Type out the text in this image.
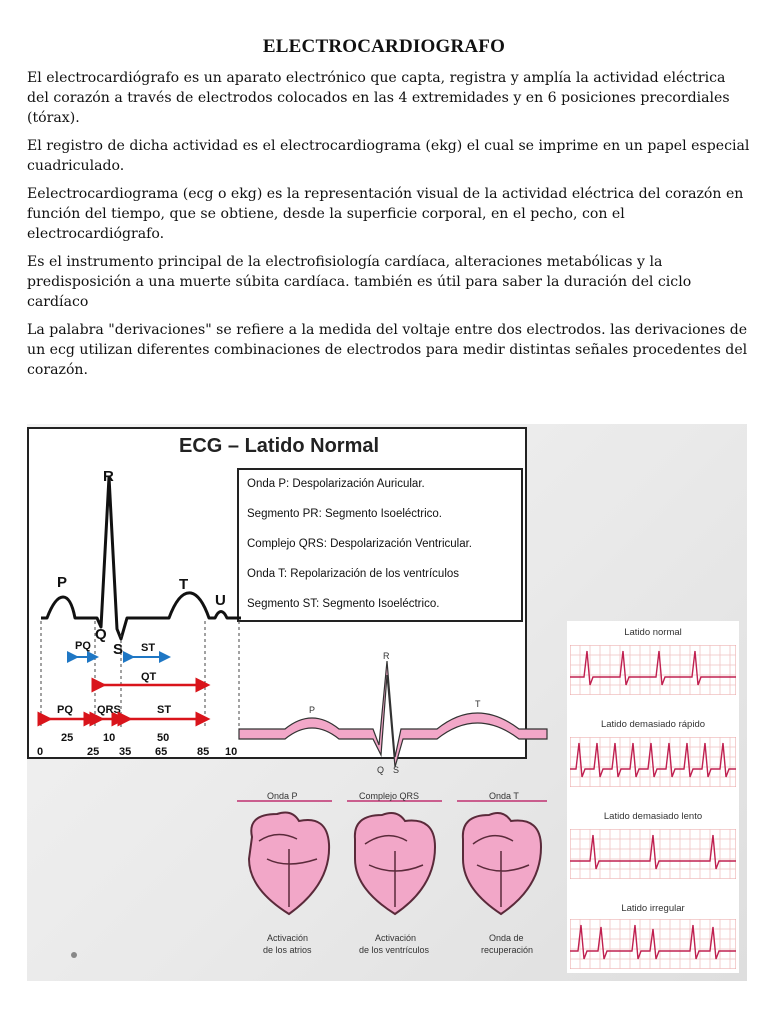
ELECTROCARDIOGRAFO

El electrocardiógrafo es un aparato electrónico que capta, registra y amplía la actividad eléctrica del corazón a través de electrodos colocados en las 4 extremidades y en 6 posiciones precordiales (tórax).

El registro de dicha actividad es el electrocardiograma (ekg) el cual se imprime en un papel especial cuadriculado.

Eelectrocardiograma (ecg o ekg) es la representación visual de la actividad eléctrica del corazón en función del tiempo, que se obtiene, desde la superficie corporal, en el pecho, con el electrocardiógrafo.

Es el instrumento principal de la electrofisiología cardíaca, alteraciones metabólicas y la predisposición a una muerte súbita cardíaca. también es útil para saber la duración del ciclo cardíaco

La palabra "derivaciones" se refiere a la medida del voltaje entre dos electrodos. las derivaciones de un ecg utilizan diferentes combinaciones de electrodos para medir distintas señales procedentes del corazón.

ECG – Latido Normal
Onda P: Despolarización Auricular.
Segmento PR: Segmento Isoeléctrico.
Complejo QRS: Despolarización Ventricular.
Onda T: Repolarización de los ventrículos
Segmento ST: Segmento Isoeléctrico.
P
R
Q
S
T
U
PQ	ST
QT
PQ QRS	ST
25	10	50
0	25 35 65	85 10
P
R
T
Q S
Onda P
Activación
de los atrios
Complejo QRS
Activación
de los ventrículos
Onda T
Onda de
recuperación
Latido normal
Latido demasiado rápido
Latido demasiado lento
Latido irregular
